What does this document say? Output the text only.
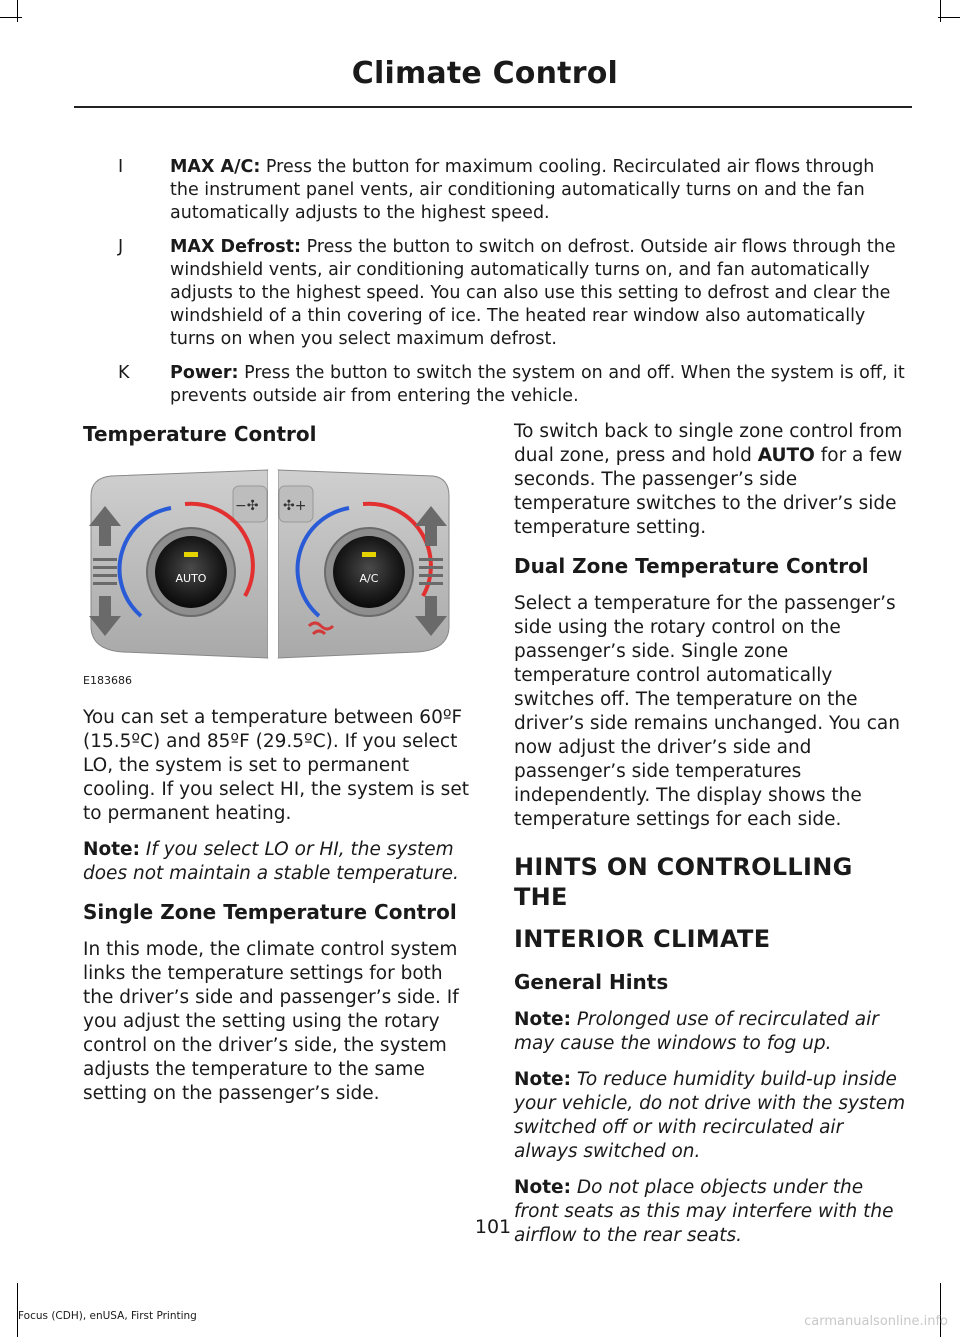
Climate Control
I	MAX A/C: Press the button for maximum cooling. Recirculated air flows through the instrument panel vents, air conditioning automatically turns on and the fan automatically adjusts to the highest speed.
J	MAX Defrost: Press the button to switch on defrost. Outside air flows through the windshield vents, air conditioning automatically turns on, and fan automatically adjusts to the highest speed. You can also use this setting to defrost and clear the windshield of a thin covering of ice. The heated rear window also automatically turns on when you select maximum defrost.
K	Power: Press the button to switch the system on and off. When the system is off, it prevents outside air from entering the vehicle.
Temperature Control
−✣ ✣+
AUTO	A/C
E183686

You can set a temperature between 60ºF (15.5ºC) and 85ºF (29.5ºC). If you select LO, the system is set to permanent cooling. If you select HI, the system is set to permanent heating.

Note: If you select LO or HI, the system does not maintain a stable temperature.

Single Zone Temperature Control

In this mode, the climate control system links the temperature settings for both the driver’s side and passenger’s side. If you adjust the setting using the rotary control on the driver’s side, the system adjusts the temperature to the same setting on the passenger’s side.

To switch back to single zone control from dual zone, press and hold AUTO for a few seconds. The passenger’s side temperature switches to the driver’s side temperature setting.

Dual Zone Temperature Control

Select a temperature for the passenger’s side using the rotary control on the passenger’s side. Single zone temperature control automatically switches off. The temperature on the driver’s side remains unchanged. You can now adjust the driver’s side and passenger’s side temperatures independently. The display shows the temperature settings for each side.

HINTS ON CONTROLLING THE
INTERIOR CLIMATE
General Hints

Note: Prolonged use of recirculated air may cause the windows to fog up.

Note: To reduce humidity build-up inside your vehicle, do not drive with the system switched off or with recirculated air always switched on.

Note: Do not place objects under the front seats as this may interfere with the airflow to the rear seats.

101
Focus (CDH), enUSA, First Printing	carmanualsonline.info
